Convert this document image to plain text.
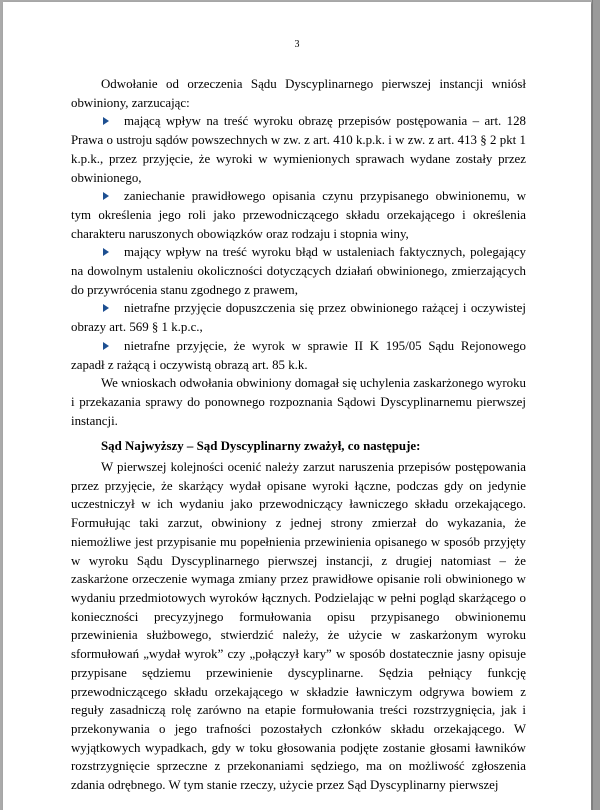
3

Odwołanie od orzeczenia Sądu Dyscyplinarnego pierwszej instancji wniósł obwiniony, zarzucając:

mającą wpływ na treść wyroku obrazę przepisów postępowania – art. 128 Prawa o ustroju sądów powszechnych w zw. z art. 410 k.p.k. i w zw. z art. 413 § 2 pkt 1 k.p.k., przez przyjęcie, że wyroki w wymienionych sprawach wydane zostały przez obwinionego,

zaniechanie prawidłowego opisania czynu przypisanego obwinionemu, w tym określenia jego roli jako przewodniczącego składu orzekającego i określenia charakteru naruszonych obowiązków oraz rodzaju i stopnia winy,

mający wpływ na treść wyroku błąd w ustaleniach faktycznych, polegający na dowolnym ustaleniu okoliczności dotyczących działań obwinionego, zmierzających do przywrócenia stanu zgodnego z prawem,

nietrafne przyjęcie dopuszczenia się przez obwinionego rażącej i oczywistej obrazy art. 569 § 1 k.p.c.,

nietrafne przyjęcie, że wyrok w sprawie II K 195/05 Sądu Rejonowego zapadł z rażącą i oczywistą obrazą art. 85 k.k.

We wnioskach odwołania obwiniony domagał się uchylenia zaskarżonego wyroku i przekazania sprawy do ponownego rozpoznania Sądowi Dyscyplinarnemu pierwszej instancji.

Sąd Najwyższy – Sąd Dyscyplinarny zważył, co następuje:

W pierwszej kolejności ocenić należy zarzut naruszenia przepisów postępowania przez przyjęcie, że skarżący wydał opisane wyroki łączne, podczas gdy on jedynie uczestniczył w ich wydaniu jako przewodniczący ławniczego składu orzekającego. Formułując taki zarzut, obwiniony z jednej strony zmierzał do wykazania, że niemożliwe jest przypisanie mu popełnienia przewinienia opisanego w sposób przyjęty w wyroku Sądu Dyscyplinarnego pierwszej instancji, z drugiej natomiast – że zaskarżone orzeczenie wymaga zmiany przez prawidłowe opisanie roli obwinionego w wydaniu przedmiotowych wyroków łącznych. Podzielając w pełni pogląd skarżącego o konieczności precyzyjnego formułowania opisu przypisanego obwinionemu przewinienia służbowego, stwierdzić należy, że użycie w zaskarżonym wyroku sformułowań „wydał wyrok” czy „połączył kary” w sposób dostatecznie jasny opisuje przypisane sędziemu przewinienie dyscyplinarne. Sędzia pełniący funkcję przewodniczącego składu orzekającego w składzie ławniczym odgrywa bowiem z reguły zasadniczą rolę zarówno na etapie formułowania treści rozstrzygnięcia, jak i przekonywania o jego trafności pozostałych członków składu orzekającego. W wyjątkowych wypadkach, gdy w toku głosowania podjęte zostanie głosami ławników rozstrzygnięcie sprzeczne z przekonaniami sędziego, ma on możliwość zgłoszenia zdania odrębnego. W tym stanie rzeczy, użycie przez Sąd Dyscyplinarny pierwszej
